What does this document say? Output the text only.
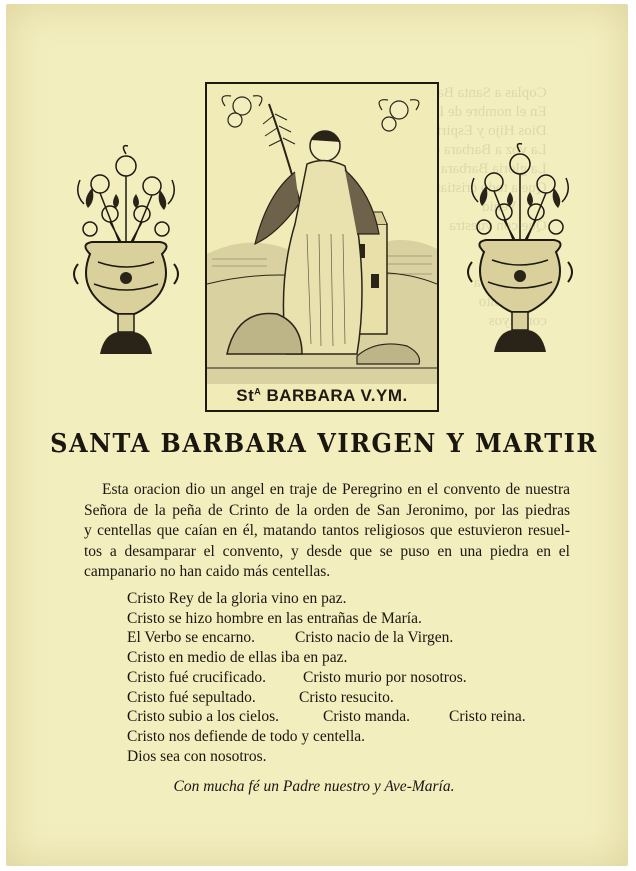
Coplas a Santa
En el nombre de
Dios Hijo y Espiritu
La voz a Barbara
La gloria Barbara
Que a todo cristiano
Venid
Que con vuestra

con rayos
$St^A$ BARBARA V.YM.
SANTA BARBARA VIRGEN Y MARTIR
Esta oracion dio un angel en traje de Peregrino en el convento de nuestra
Señora de la peña de Crinto de la orden de San Jeronimo, por las piedras
y centellas que caían en él, matando tantos religiosos que estuvieron resuel-
tos a desamparar el convento, y desde que se puso en una piedra en el
campanario no han caido más centellas.
Cristo Rey de la gloria vino en paz.
Cristo se hizo hombre en las entrañas de María.
El Verbo se encarno.	Cristo nacio de la Virgen.
Cristo en medio de ellas iba en paz.
Cristo fué crucificado.	Cristo murio por nosotros.
Cristo fué sepultado.	Cristo resucito.
Cristo subio a los cielos.	Cristo manda.	Cristo reina.
Cristo nos defiende de todo y centella.
Dios sea con nosotros.
Con mucha fé un Padre nuestro y Ave-María.
